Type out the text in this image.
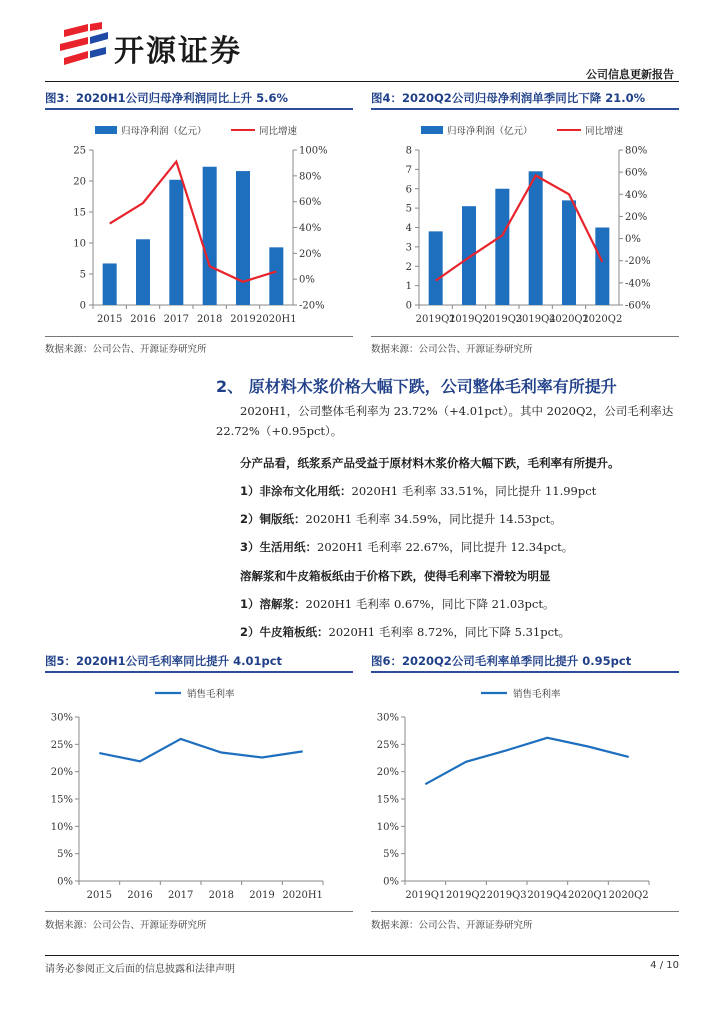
开源证券
公司信息更新报告
图3：2020H1公司归母净利润同比上升 5.6%
归母净利润（亿元）	同比增速
0
5
10
15
20
25
-20%
0%
20%
40%
60%
80%
100%
2015 2016 2017 2018 2019 2020H1
数据来源：公司公告、开源证券研究所
图4：2020Q2公司归母净利润单季同比下降 21.0%
归母净利润（亿元）	同比增速
0
1
2
3
4
5
6
7
8
-60%
-40%
-20%
0%
20%
40%
60%
80%
2019Q1
2019Q2
2019Q3
2019Q4
2020Q1
2020Q2
数据来源：公司公告、开源证券研究所
2、 原材料木浆价格大幅下跌，公司整体毛利率有所提升
2020H1，公司整体毛利率为 23.72%（+4.01pct）。其中 2020Q2，公司毛利率达
22.72%（+0.95pct）。
分产品看，纸浆系产品受益于原材料木浆价格大幅下跌，毛利率有所提升。
1）非涂布文化用纸：2020H1 毛利率 33.51%，同比提升 11.99pct
2）铜版纸：2020H1 毛利率 34.59%，同比提升 14.53pct。
3）生活用纸：2020H1 毛利率 22.67%，同比提升 12.34pct。
溶解浆和牛皮箱板纸由于价格下跌，使得毛利率下滑较为明显
1）溶解浆：2020H1 毛利率 0.67%，同比下降 21.03pct。
2）牛皮箱板纸：2020H1 毛利率 8.72%，同比下降 5.31pct。
图5：2020H1公司毛利率同比提升 4.01pct
销售毛利率
0%
5%
10%
15%
20%
25%
30%
2015 2016 2017 2018 2019 2020H1
数据来源：公司公告、开源证券研究所
图6：2020Q2公司毛利率单季同比提升 0.95pct
销售毛利率
0%
5%
10%
15%
20%
25%
30%
2019Q1 2019Q2 2019Q3 2019Q4 2020Q1 2020Q2
数据来源：公司公告、开源证券研究所
请务必参阅正文后面的信息披露和法律声明	4 / 10
